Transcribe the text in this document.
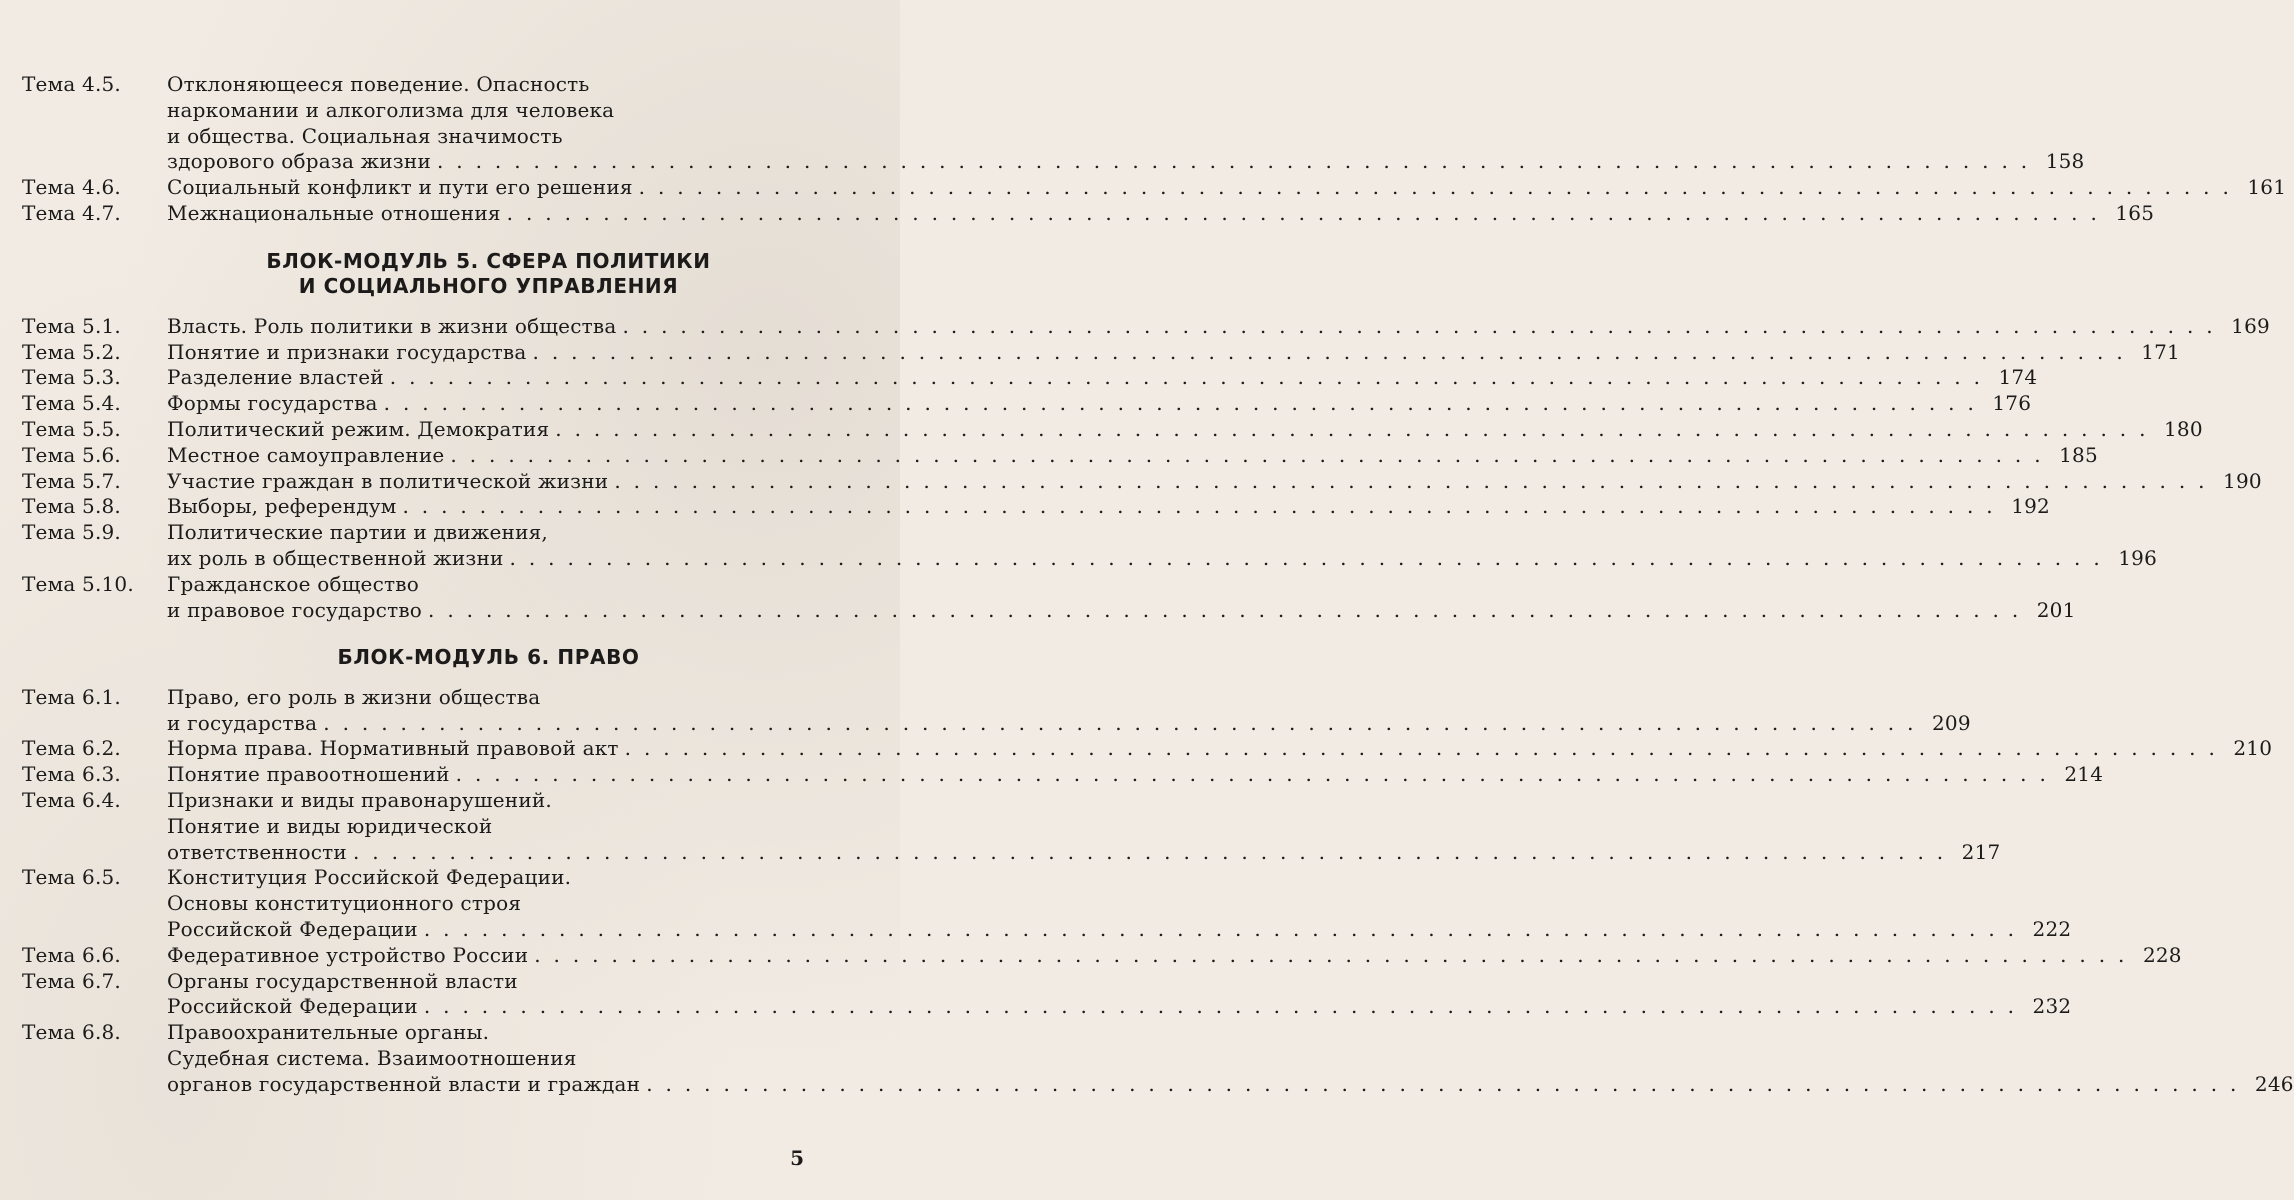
Тема 4.5.	Отклоняющееся поведение. Опасность
наркомании и алкоголизма для человека
и общества. Социальная значимость
здорового образа жизни . . .	158
Тема 4.6.	Социальный конфликт и пути его решения . . .	161
Тема 4.7.	Межнациональные отношения . . .	165
БЛОК-МОДУЛЬ 5. СФЕРА ПОЛИТИКИ
И СОЦИАЛЬНОГО УПРАВЛЕНИЯ
Тема 5.1.	Власть. Роль политики в жизни общества . . .	169
Тема 5.2.	Понятие и признаки государства . . .	171
Тема 5.3.	Разделение властей . . .	174
Тема 5.4.	Формы государства . . .	176
Тема 5.5.	Политический режим. Демократия . . .	180
Тема 5.6.	Местное самоуправление . . .	185
Тема 5.7.	Участие граждан в политической жизни . . .	190
Тема 5.8.	Выборы, референдум . . .	192
Тема 5.9.	Политические партии и движения,
их роль в общественной жизни . . .	196
Тема 5.10.	Гражданское общество
и правовое государство . . .	201
БЛОК-МОДУЛЬ 6. ПРАВО
Тема 6.1.	Право, его роль в жизни общества
и государства . . .	209
Тема 6.2.	Норма права. Нормативный правовой акт . . .	210
Тема 6.3.	Понятие правоотношений . . .	214
Тема 6.4.	Признаки и виды правонарушений.
Понятие и виды юридической
ответственности . . .	217
Тема 6.5.	Конституция Российской Федерации.
Основы конституционного строя
Российской Федерации . . .	222
Тема 6.6.	Федеративное устройство России . . .	228
Тема 6.7.	Органы государственной власти
Российской Федерации . . .	232
Тема 6.8.	Правоохранительные органы.
Судебная система. Взаимоотношения
органов государственной власти и граждан . . .	246
5
